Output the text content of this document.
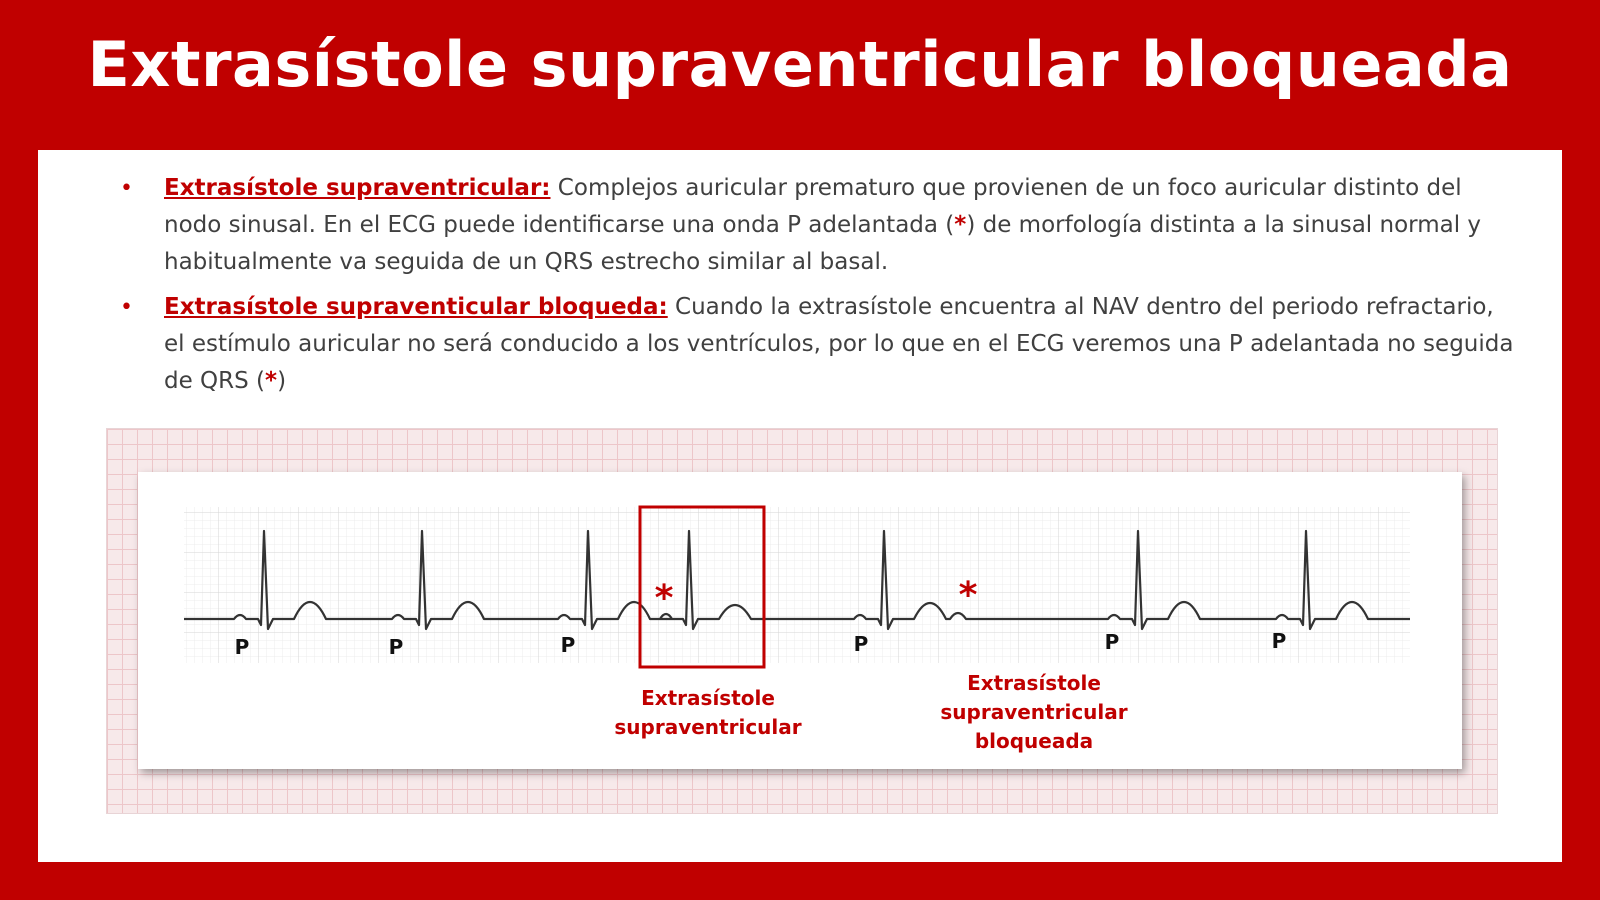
Extrasístole supraventricular bloqueada
• Extrasístole supraventricular: Complejos auricular prematuro que provienen de un foco auricular distinto del nodo sinusal. En el ECG puede identificarse una onda P adelantada (*) de morfología distinta a la sinusal normal y habitualmente va seguida de un QRS estrecho similar al basal.
• Extrasístole supraventicular bloqueda: Cuando la extrasístole encuentra al NAV dentro del periodo refractario, el estímulo auricular no será conducido a los ventrículos, por lo que en el ECG veremos una P adelantada no seguida de QRS (*)
*	*
P	P	P	P	P	P
Extrasístole
supraventricular
Extrasístole
supraventricular
bloqueada
